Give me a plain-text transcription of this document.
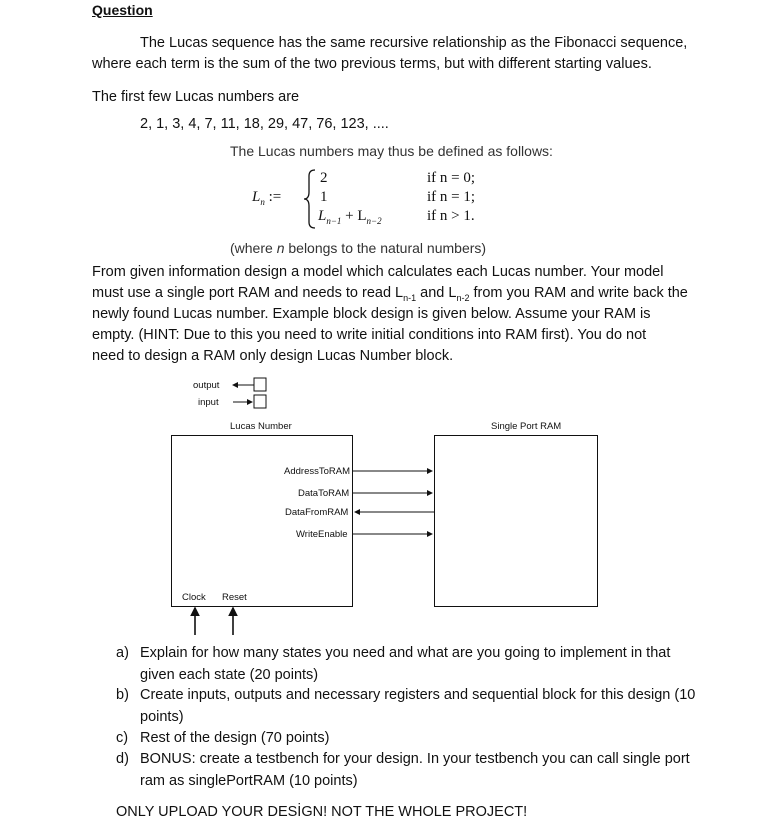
Question
The Lucas sequence has the same recursive relationship as the Fibonacci sequence,
where each term is the sum of the two previous terms, but with different starting values.
The first few Lucas numbers are
2, 1, 3, 4, 7, 11, 18, 29, 47, 76, 123, ....
The Lucas numbers may thus be defined as follows:
$L_n$ :=
2
1
$L_{n-1} + L_{n-2}$
if n = 0;
if n = 1;
if n > 1.
(where n belongs to the natural numbers)
From given information design a model which calculates each Lucas number. Your model
must use a single port RAM and needs to read $L_{n-1}$ and $L_{n-2}$ from you RAM and write back the
newly found Lucas number. Example block design is given below. Assume your RAM is
empty. (HINT: Due to this you need to write initial conditions into RAM first). You do not
need to design a RAM only design Lucas Number block.
output
input
Lucas Number	Single Port RAM
AddressToRAM
DataToRAM
DataFromRAM
WriteEnable
Clock Reset
a) Explain for how many states you need and what are you going to implement in that given each state (20 points)
b) Create inputs, outputs and necessary registers and sequential block for this design (10 points)
c) Rest of the design (70 points)
d) BONUS: create a testbench for your design. In your testbench you can call single port ram as singlePortRAM (10 points)
ONLY UPLOAD YOUR DESİGN! NOT THE WHOLE PROJECT!
